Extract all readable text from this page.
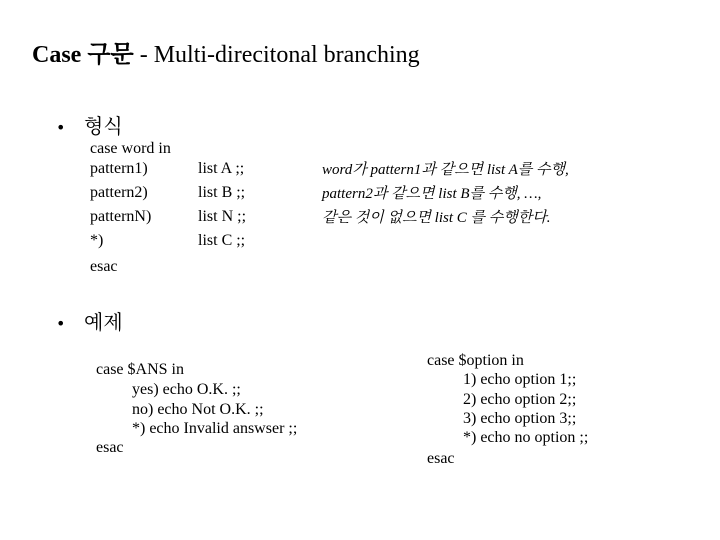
Case 구문 - Multi-direcitonal branching
• 형식
case word in
pattern1)
pattern2)
patternN)
*)
esac
list A ;;
list B ;;
list N ;;
list C ;;
word가 pattern1과 같으면 list A를 수행,
pattern2과 같으면 list B를 수행, …,
같은 것이 없으면 list C 를 수행한다.
• 예제
case $ANS in
yes) echo O.K. ;;
no) echo Not O.K. ;;
*) echo Invalid answser ;;
esac
case $option in
1) echo option 1;;
2) echo option 2;;
3) echo option 3;;
*) echo no option ;;
esac
